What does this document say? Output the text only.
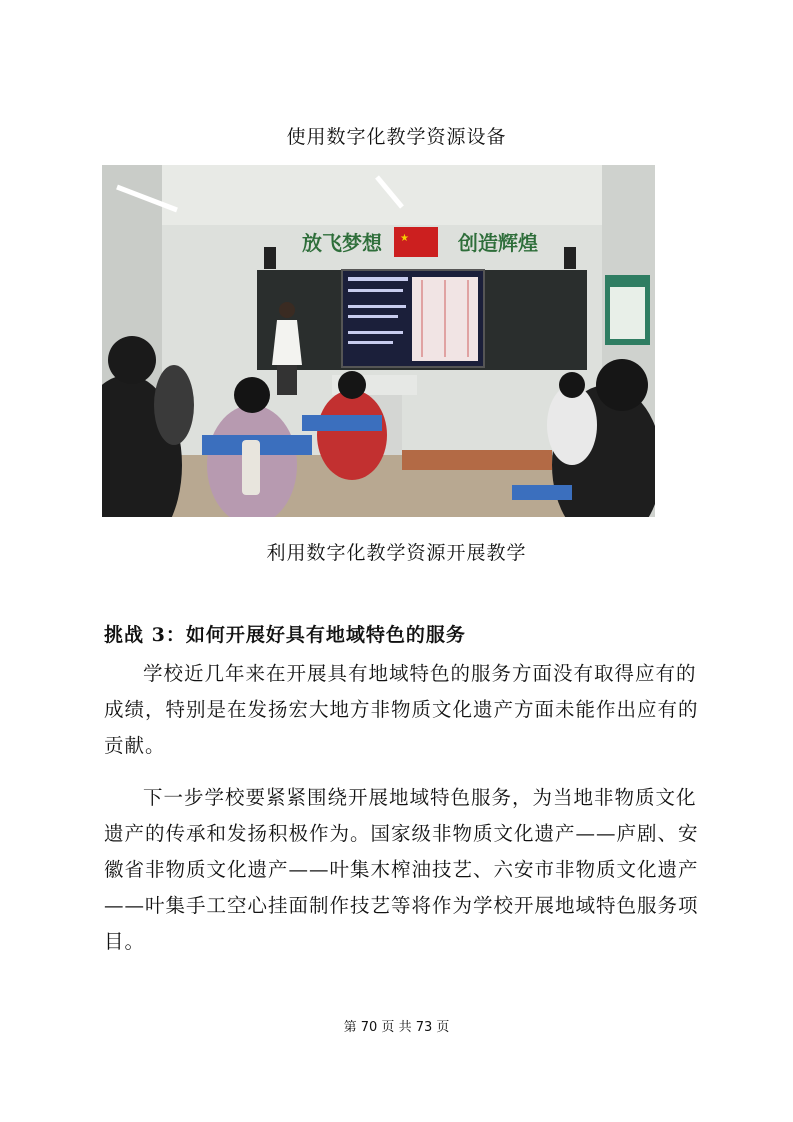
使用数字化教学资源设备
放飞梦想 ★ 创造辉煌
利用数字化教学资源开展教学
挑战 3：如何开展好具有地域特色的服务

学校近几年来在开展具有地域特色的服务方面没有取得应有的成绩，特别是在发扬宏大地方非物质文化遗产方面未能作出应有的贡献。

下一步学校要紧紧围绕开展地域特色服务，为当地非物质文化遗产的传承和发扬积极作为。国家级非物质文化遗产——庐剧、安徽省非物质文化遗产——叶集木榨油技艺、六安市非物质文化遗产——叶集手工空心挂面制作技艺等将作为学校开展地域特色服务项目。

第 70 页 共 73 页
